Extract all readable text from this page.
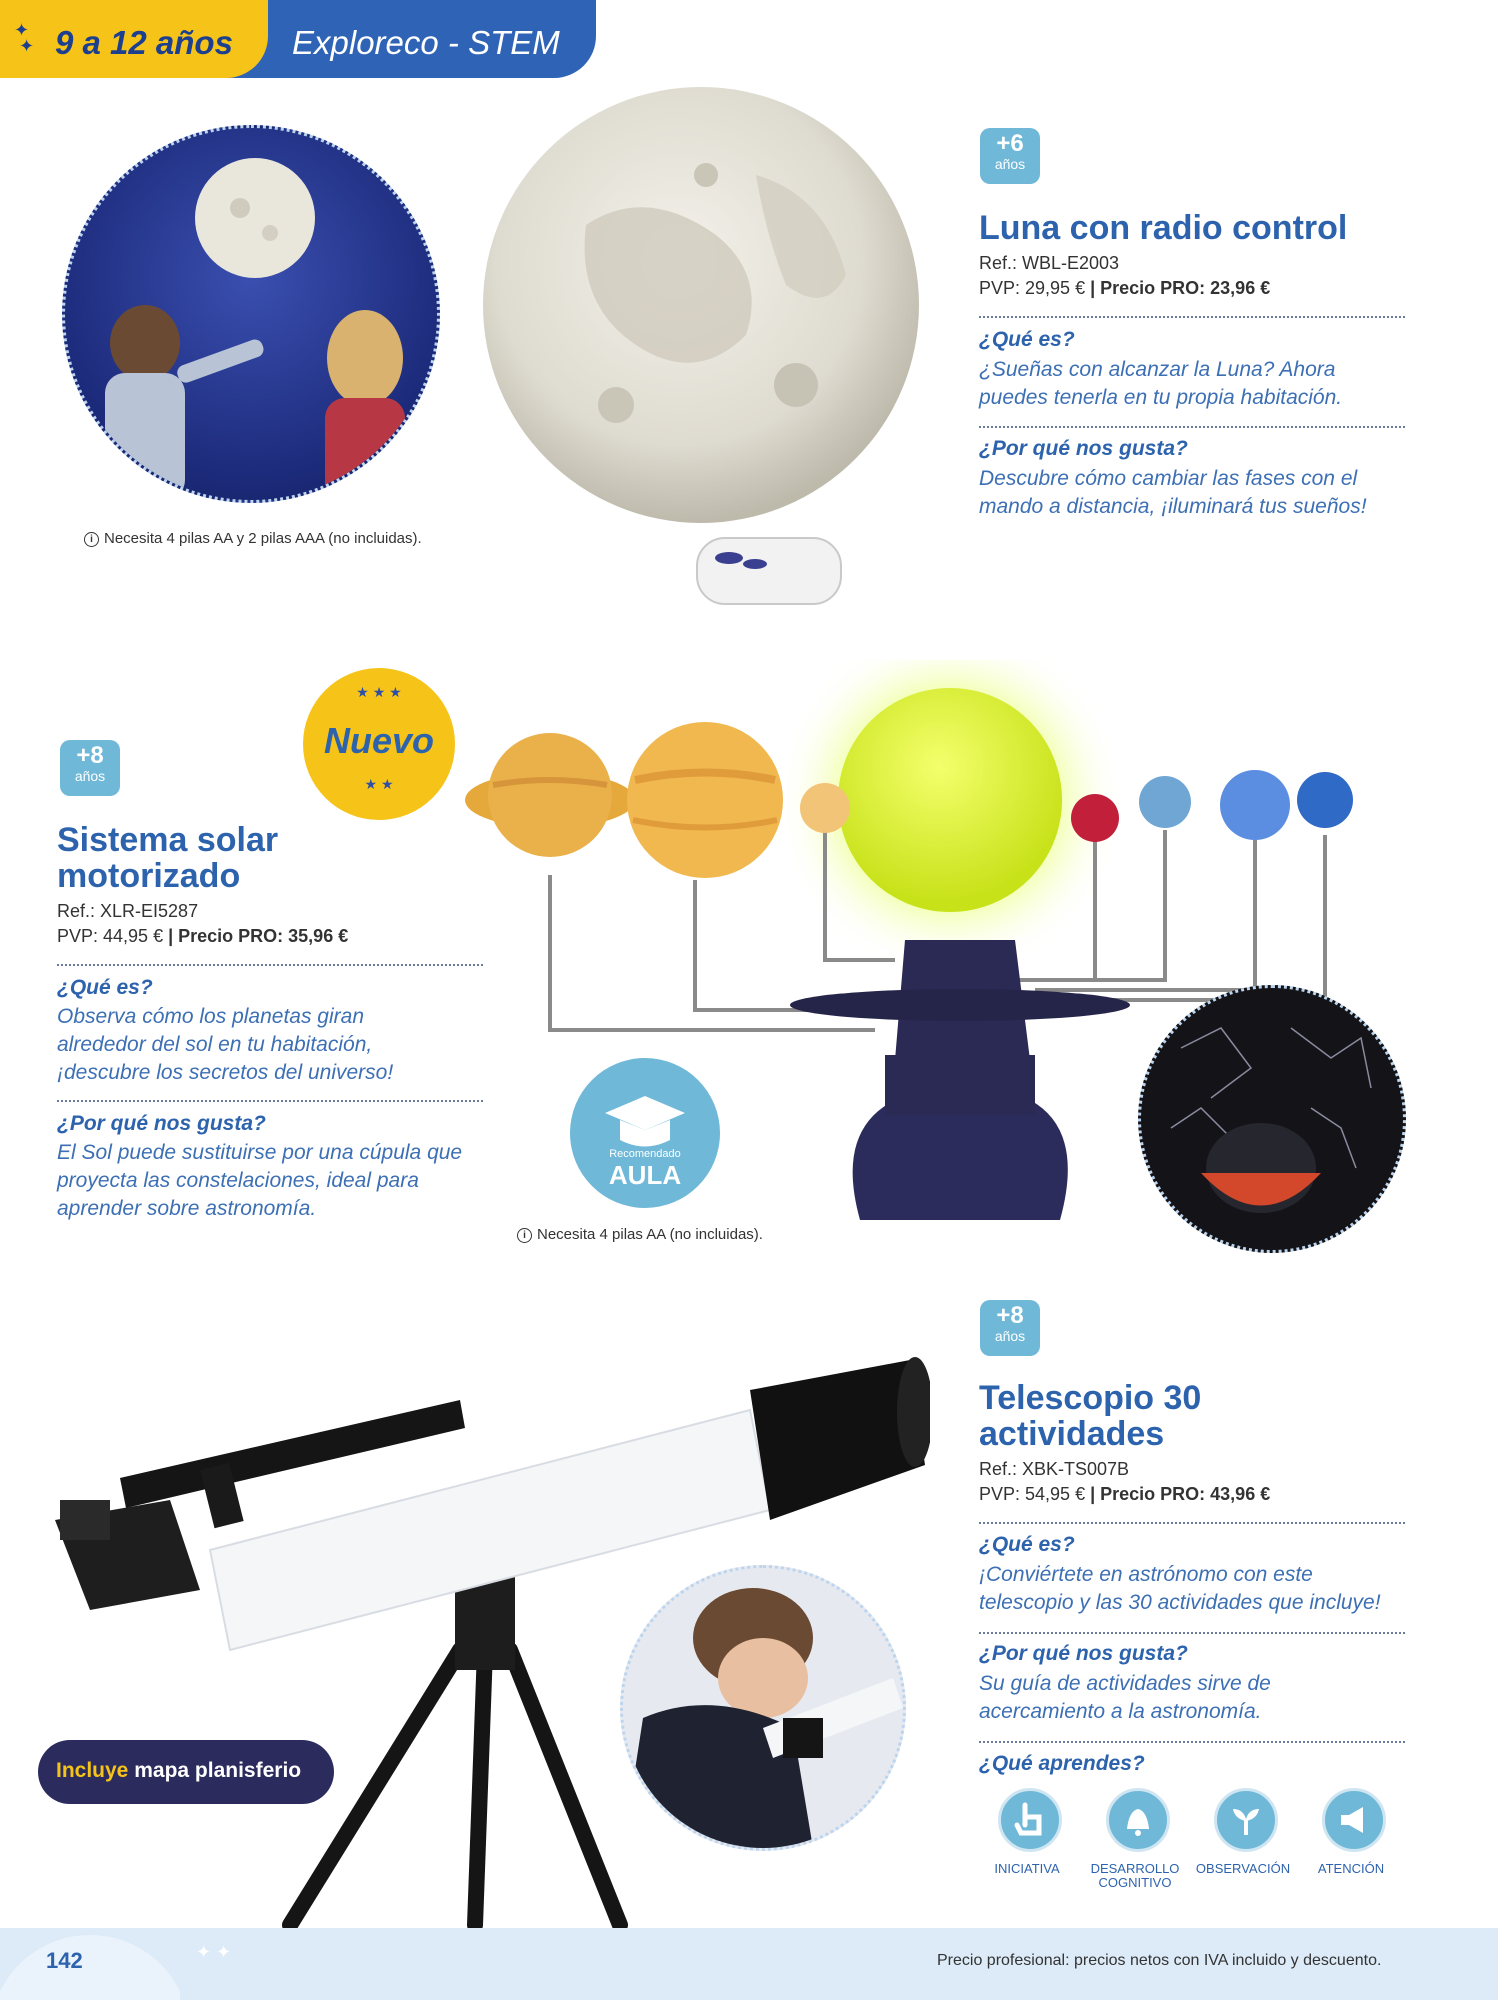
✦
✦ 9 a 12 años Exploreco - STEM
i Necesita 4 pilas AA y 2 pilas AAA (no incluidas).
+6
años
Luna con radio control
Ref.: WBL-E2003
PVP: 29,95 € | Precio PRO: 23,96 €
¿Qué es?
¿Sueñas con alcanzar la Luna? Ahora puedes tenerla en tu propia habitación.
¿Por qué nos gusta?
Descubre cómo cambiar las fases con el mando a distancia, ¡iluminará tus sueños!
★ ★ ★
Nuevo
★ ★
+8
años
Sistema solar
motorizado
Ref.: XLR-EI5287
PVP: 44,95 € | Precio PRO: 35,96 €
¿Qué es?
Observa cómo los planetas giran alrededor del sol en tu habitación, ¡descubre los secretos del universo!
¿Por qué nos gusta?
El Sol puede sustituirse por una cúpula que proyecta las constelaciones, ideal para aprender sobre astronomía.
Recomendado
AULA
i Necesita 4 pilas AA (no incluidas).
+8
años
Telescopio 30
actividades
Ref.: XBK-TS007B
PVP: 54,95 € | Precio PRO: 43,96 €
¿Qué es?
¡Conviértete en astrónomo con este telescopio y las 30 actividades que incluye!
¿Por qué nos gusta?
Su guía de actividades sirve de acercamiento a la astronomía.
¿Qué aprendes?
INICIATIVA	DESARROLLO COGNITIVO
OBSERVACIÓN	ATENCIÓN
Incluye mapa planisferio
✦ ✦
142	Precio profesional: precios netos con IVA incluido y descuento.
